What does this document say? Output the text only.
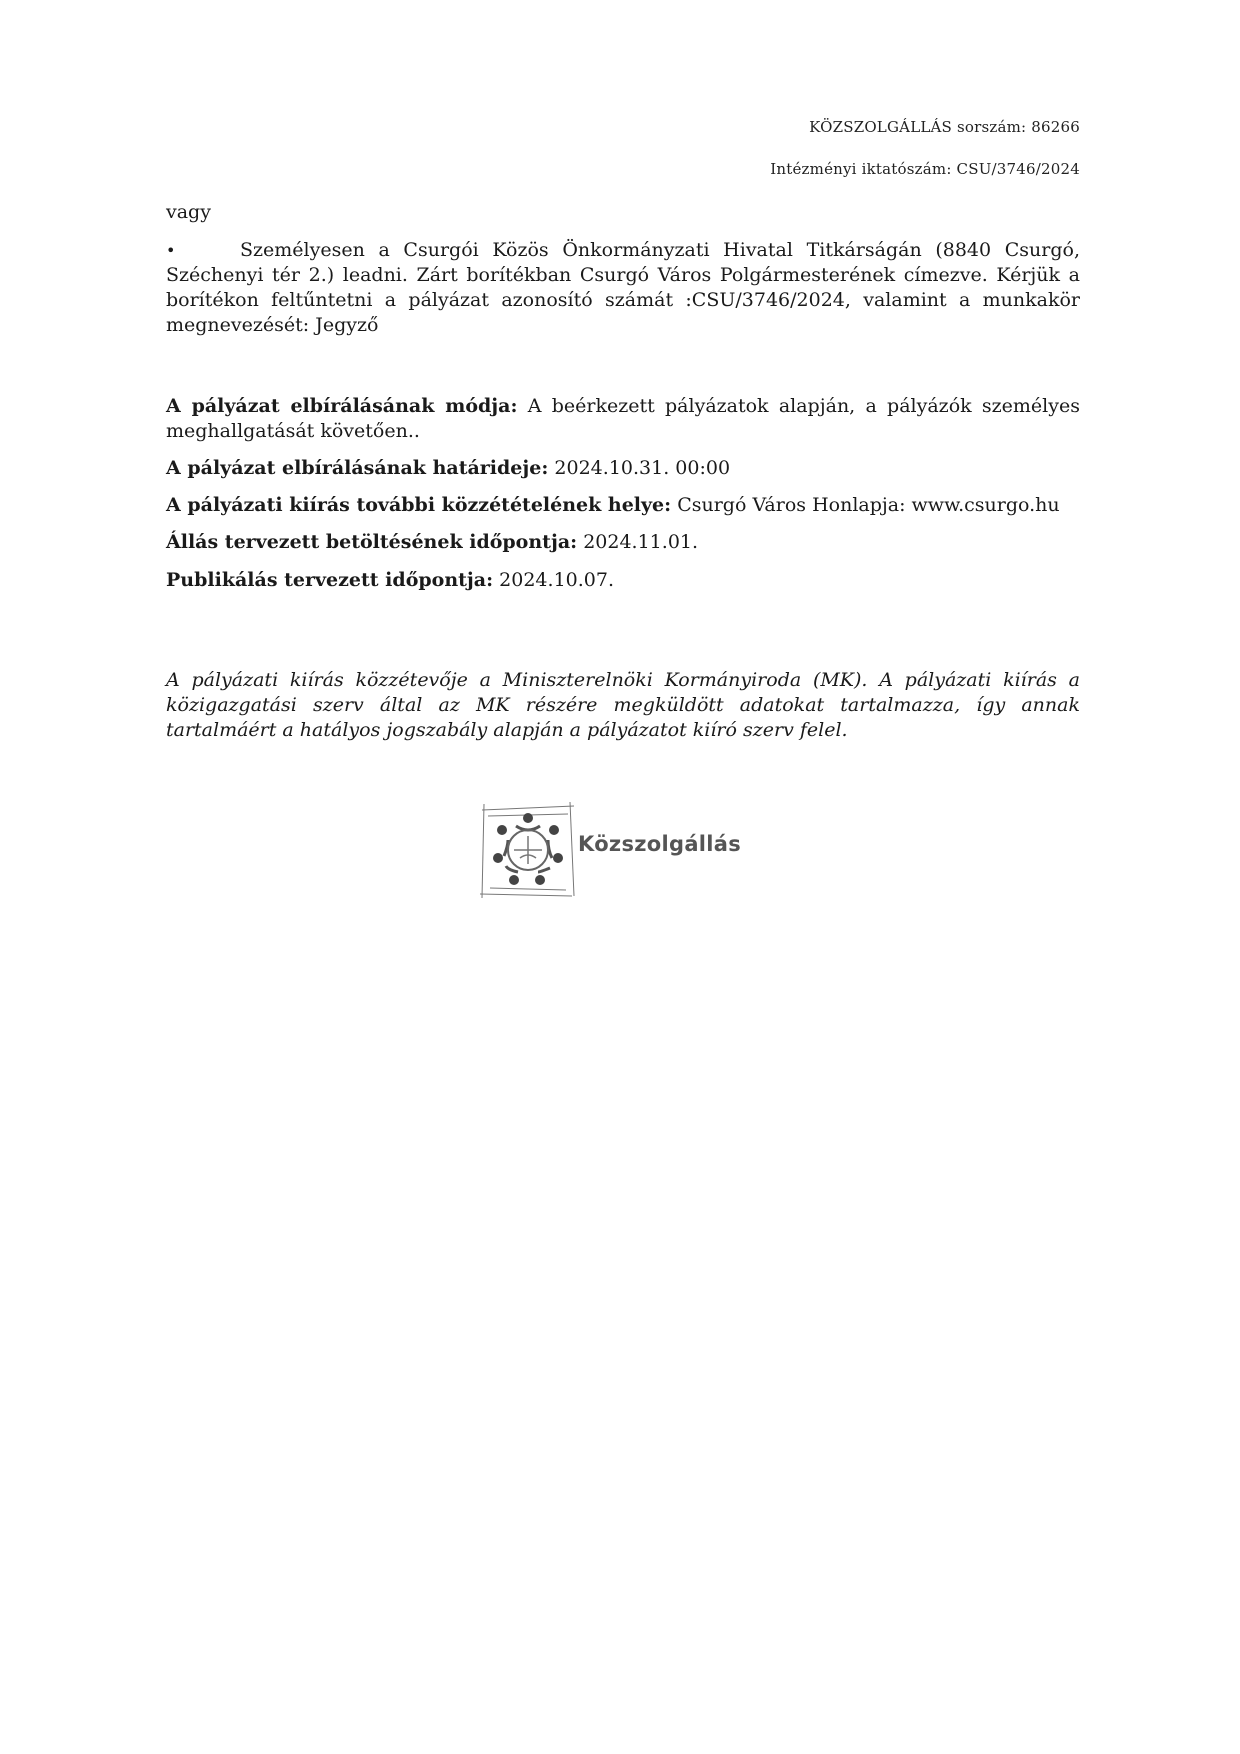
KÖZSZOLGÁLLÁS sorszám: 86266
Intézményi iktatószám: CSU/3746/2024
vagy
•	Személyesen a Csurgói Közös Önkormányzati Hivatal Titkárságán (8840 Csurgó, Széchenyi tér 2.) leadni. Zárt borítékban Csurgó Város Polgármesterének címezve. Kérjük a borítékon feltűntetni a pályázat azonosító számát :CSU/3746/2024, valamint a munkakör megnevezését: Jegyző
A pályázat elbírálásának módja: A beérkezett pályázatok alapján, a pályázók személyes meghallgatását követően..
A pályázat elbírálásának határideje: 2024.10.31. 00:00
A pályázati kiírás további közzétételének helye: Csurgó Város Honlapja: www.csurgo.hu
Állás tervezett betöltésének időpontja: 2024.11.01.
Publikálás tervezett időpontja: 2024.10.07.
A pályázati kiírás közzétevője a Miniszterelnöki Kormányiroda (MK). A pályázati kiírás a közigazgatási szerv által az MK részére megküldött adatokat tartalmazza, így annak tartalmáért a hatályos jogszabály alapján a pályázatot kiíró szerv felel.
Közszolgállás
